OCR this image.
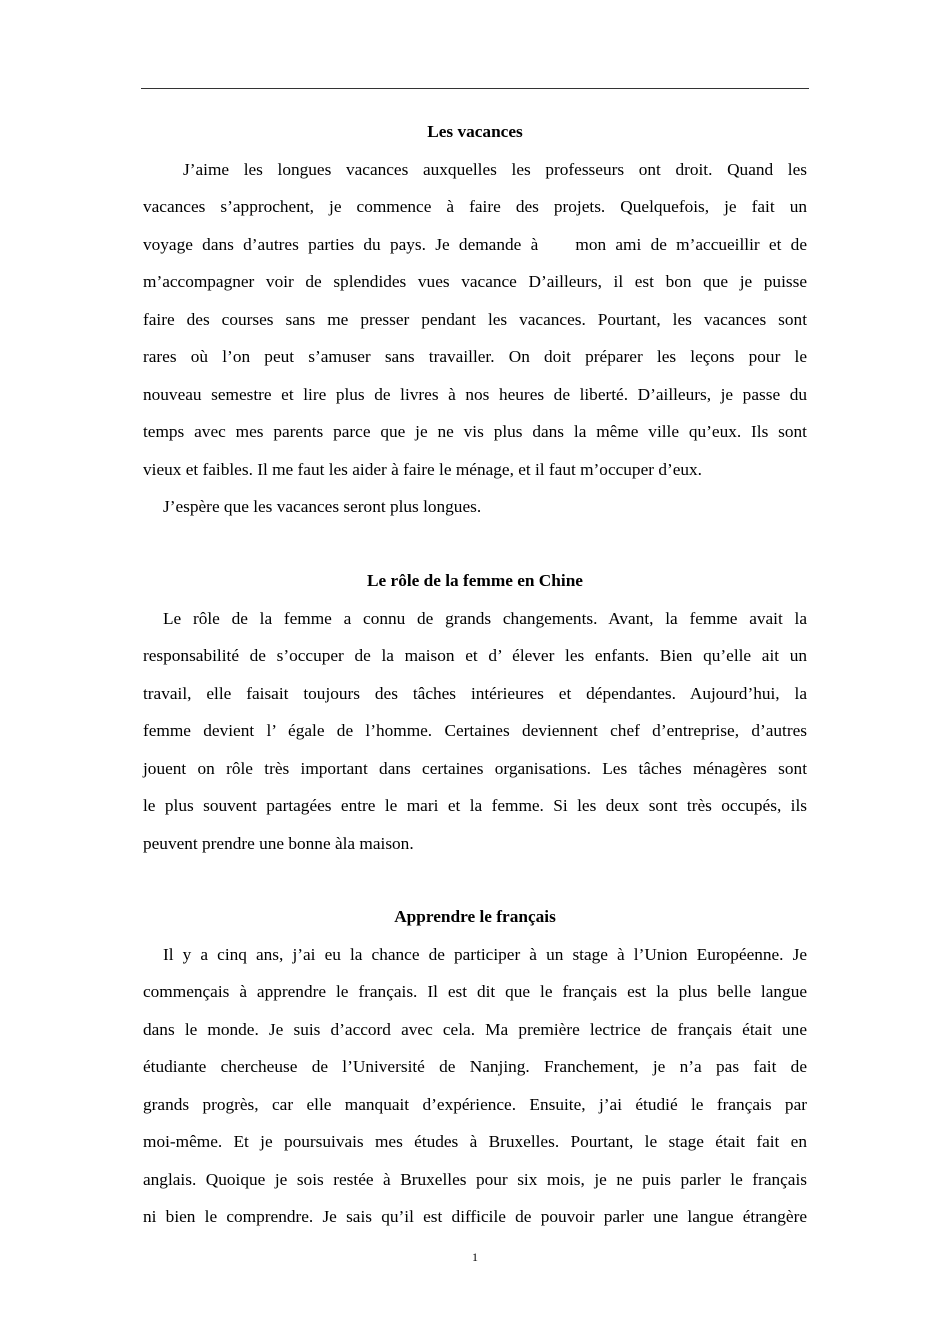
Les vacances
J’aime les longues vacances auxquelles les professeurs ont droit. Quand les
vacances s’approchent, je commence à faire des projets. Quelquefois, je fait un
voyage dans d’autres parties du pays. Je demande à    mon ami de m’accueillir et de
m’accompagner voir de splendides vues vacance D’ailleurs, il est bon que je puisse
faire des courses sans me presser pendant les vacances. Pourtant, les vacances sont
rares où l’on peut s’amuser sans travailler. On doit préparer les leçons pour le
nouveau semestre et lire plus de livres à nos heures de liberté. D’ailleurs, je passe du
temps avec mes parents parce que je ne vis plus dans la même ville qu’eux. Ils sont
vieux et faibles. Il me faut les aider à faire le ménage, et il faut m’occuper d’eux.
J’espère que les vacances seront plus longues.
Le rôle de la femme en Chine
Le rôle de la femme a connu de grands changements. Avant, la femme avait la
responsabilité de s’occuper de la maison et d’ élever les enfants. Bien qu’elle ait un
travail, elle faisait toujours des tâches intérieures et dépendantes. Aujourd’hui, la
femme devient l’ égale de l’homme. Certaines deviennent chef d’entreprise, d’autres
jouent on rôle très important dans certaines organisations. Les tâches ménagères sont
le plus souvent partagées entre le mari et la femme. Si les deux sont très occupés, ils
peuvent prendre une bonne àla maison.
Apprendre le français
Il y a cinq ans, j’ai eu la chance de participer à un stage à l’Union Européenne. Je
commençais à apprendre le français. Il est dit que le français est la plus belle langue
dans le monde. Je suis d’accord avec cela. Ma première lectrice de français était une
étudiante chercheuse de l’Université de Nanjing. Franchement, je n’a pas fait de
grands progrès, car elle manquait d’expérience. Ensuite, j’ai étudié le français par
moi-même. Et je poursuivais mes études à Bruxelles. Pourtant, le stage était fait en
anglais. Quoique je sois restée à Bruxelles pour six mois, je ne puis parler le français
ni bien le comprendre. Je sais qu’il est difficile de pouvoir parler une langue étrangère
1
